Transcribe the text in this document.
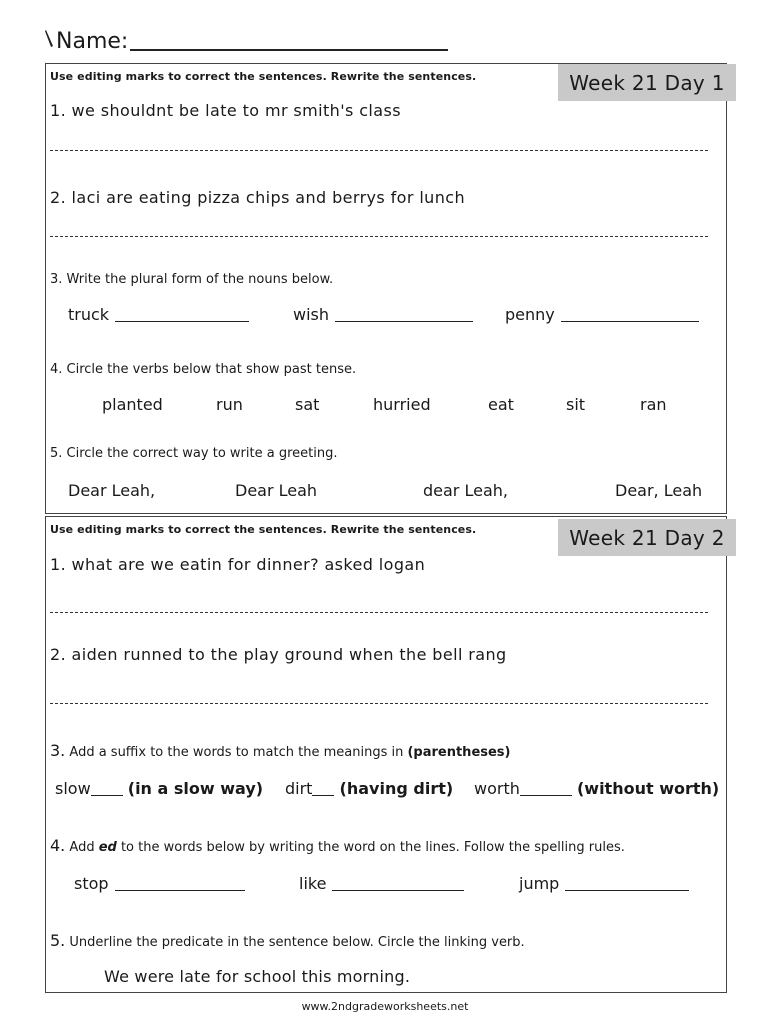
Name:
Use editing marks to correct the sentences. Rewrite the sentences.	Week 21 Day 1
1. we shouldnt be late to mr smith's class
2. laci are eating pizza chips and berrys for lunch
3. Write the plural form of the nouns below.
truck	wish	penny
4. Circle the verbs below that show past tense.
planted	run	sat	hurried	eat	sit	ran
5. Circle the correct way to write a greeting.
Dear Leah,	Dear Leah	dear Leah,	Dear, Leah
Use editing marks to correct the sentences. Rewrite the sentences.	Week 21 Day 2
1. what are we eatin for dinner? asked logan
2. aiden runned to the play ground when the bell rang
3. Add a suffix to the words to match the meanings in (parentheses)
slow (in a slow way) dirt (having dirt) worth	(without worth)
4. Add ed to the words below by writing the word on the lines. Follow the spelling rules.
stop	like	jump
5. Underline the predicate in the sentence below. Circle the linking verb.
We were late for school this morning.
www.2ndgradeworksheets.net
